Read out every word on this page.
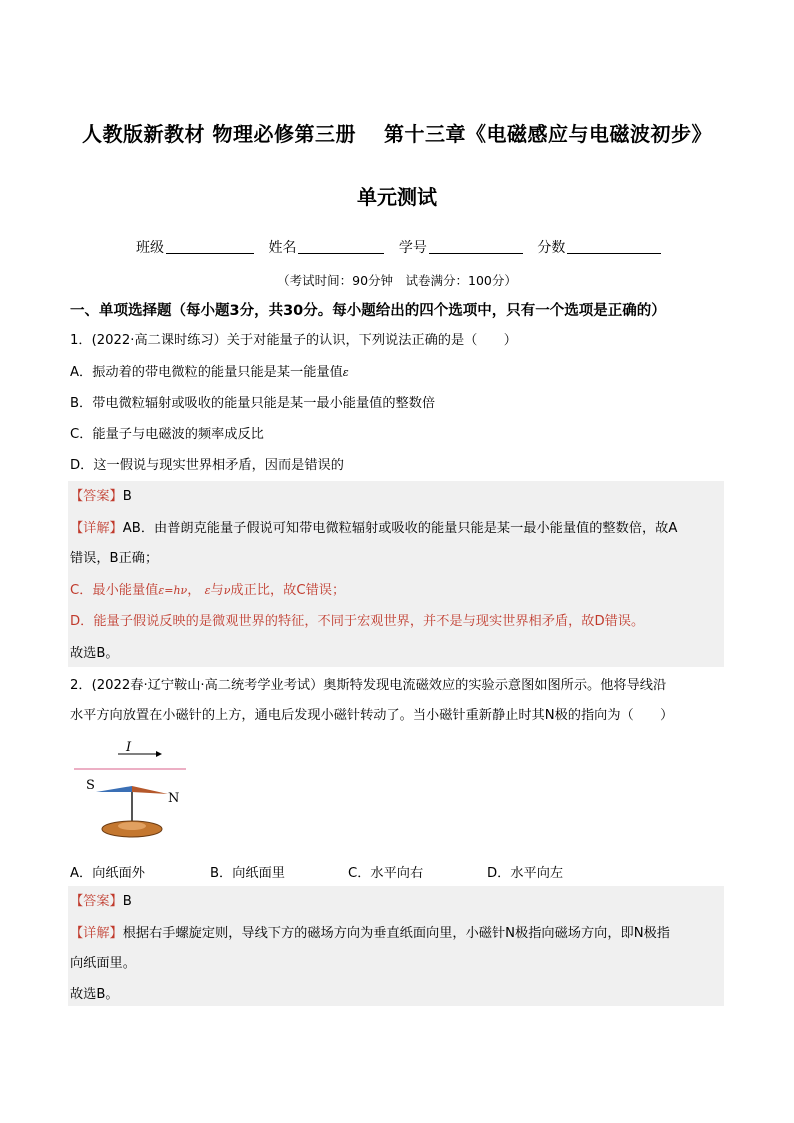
人教版新教材 物理必修第三册 第十三章《电磁感应与电磁波初步》
单元测试
班级	姓名	学号	分数
（考试时间：90分钟　试卷满分：100分）
一、单项选择题（每小题3分，共30分。每小题给出的四个选项中，只有一个选项是正确的）
1．(2022·高二课时练习）关于对能量子的认识，下列说法正确的是（　　）
A．振动着的带电微粒的能量只能是某一能量值ε
B．带电微粒辐射或吸收的能量只能是某一最小能量值的整数倍
C．能量子与电磁波的频率成反比
D．这一假说与现实世界相矛盾，因而是错误的
【答案】B
【详解】AB．由普朗克能量子假说可知带电微粒辐射或吸收的能量只能是某一最小能量值的整数倍，故A
错误，B正确；
C．最小能量值ε=hν， ε与ν成正比，故C错误；
D．能量子假说反映的是微观世界的特征，不同于宏观世界，并不是与现实世界相矛盾，故D错误。
故选B。
2．(2022春·辽宁鞍山·高二统考学业考试）奥斯特发现电流磁效应的实验示意图如图所示。他将导线沿
水平方向放置在小磁针的上方，通电后发现小磁针转动了。当小磁针重新静止时其N极的指向为（　　）
I
S
N
A．向纸面外	B．向纸面里	C．水平向右	D．水平向左
【答案】B
【详解】根据右手螺旋定则，导线下方的磁场方向为垂直纸面向里，小磁针N极指向磁场方向，即N极指
向纸面里。
故选B。
